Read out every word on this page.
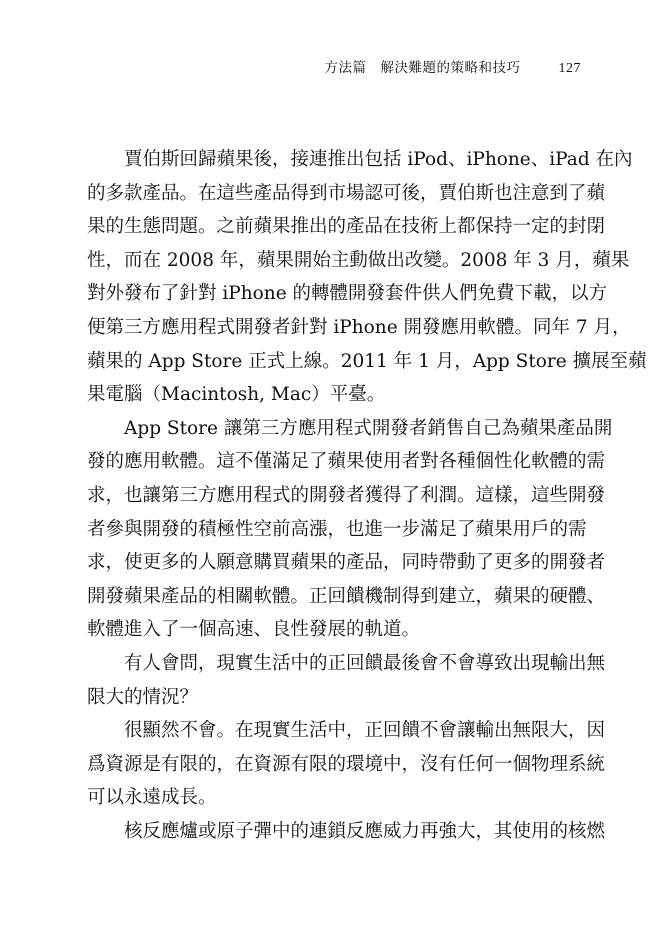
方法篇 解決難題的策略和技巧	127

賈伯斯回歸蘋果後，接連推出包括 iPod、iPhone、iPad 在內
的多款產品。在這些產品得到市場認可後，賈伯斯也注意到了蘋
果的生態問題。之前蘋果推出的產品在技術上都保持一定的封閉
性，而在 2008 年，蘋果開始主動做出改變。2008 年 3 月，蘋果
對外發布了針對 iPhone 的轉體開發套件供人們免費下載，以方
便第三方應用程式開發者針對 iPhone 開發應用軟體。同年 7 月，
蘋果的 App Store 正式上線。2011 年 1 月，App Store 擴展至蘋
果電腦（Macintosh, Mac）平臺。

App Store 讓第三方應用程式開發者銷售自己為蘋果產品開
發的應用軟體。這不僅滿足了蘋果使用者對各種個性化軟體的需
求，也讓第三方應用程式的開發者獲得了利潤。這樣，這些開發
者參與開發的積極性空前高漲，也進一步滿足了蘋果用戶的需
求，使更多的人願意購買蘋果的產品，同時帶動了更多的開發者
開發蘋果產品的相關軟體。正回饋機制得到建立，蘋果的硬體、
軟體進入了一個高速、良性發展的軌道。

有人會問，現實生活中的正回饋最後會不會導致出現輸出無
限大的情況？

很顯然不會。在現實生活中，正回饋不會讓輸出無限大，因
爲資源是有限的，在資源有限的環境中，沒有任何一個物理系統
可以永遠成長。

核反應爐或原子彈中的連鎖反應威力再強大，其使用的核燃
